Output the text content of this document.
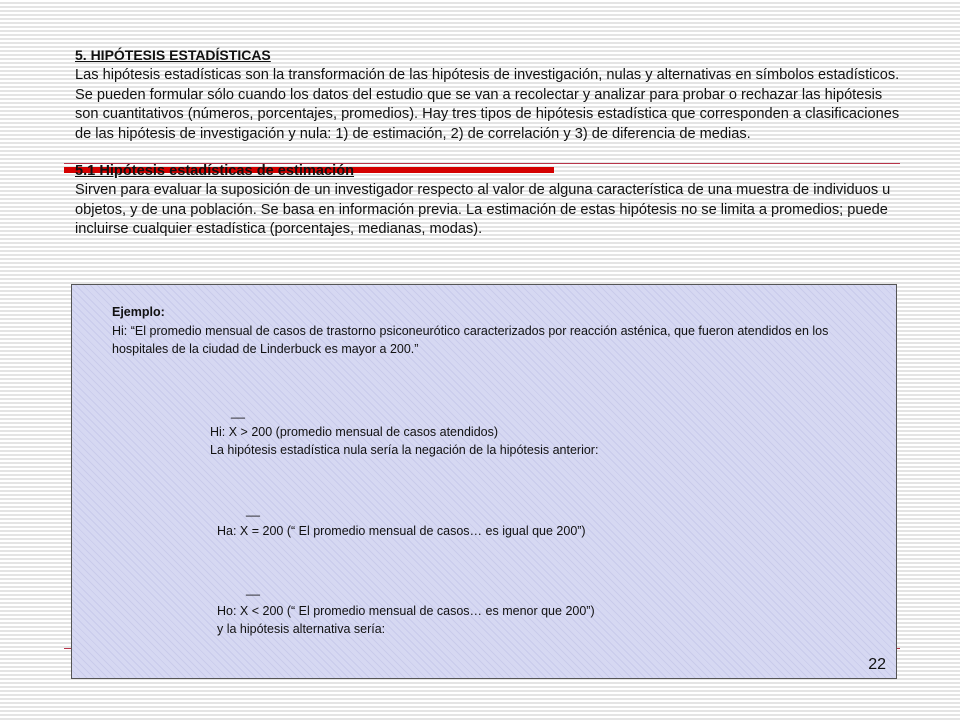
5. HIPÓTESIS ESTADÍSTICAS

Las hipótesis estadísticas son la transformación de las hipótesis de investigación, nulas y alternativas en símbolos estadísticos. Se pueden formular sólo cuando los datos del estudio que se van a recolectar y analizar para probar o rechazar las hipótesis son cuantitativos (números, porcentajes, promedios). Hay tres tipos de hipótesis estadística que corresponden a clasificaciones de las hipótesis de investigación y nula: 1) de estimación, 2) de correlación y 3) de diferencia de medias.

5.1 Hipótesis estadísticas de estimación

Sirven para evaluar la suposición de un investigador respecto al valor de alguna característica de una muestra de individuos u objetos, y de una población. Se basa en información previa. La estimación de estas hipótesis no se limita a promedios; puede incluirse cualquier estadística (porcentajes, medianas, modas).

Ejemplo:

Hi: “El promedio mensual de casos de trastorno psiconeurótico caracterizados por reacción asténica, que fueron atendidos en los hospitales de la ciudad de Linderbuck es mayor a 200.”

__

Hi: X > 200 (promedio mensual de casos atendidos)

La hipótesis estadística nula sería la negación de la hipótesis anterior:

__

Ha: X = 200 (“ El promedio mensual de casos… es igual que 200”)

__

Ho: X < 200 (“ El promedio mensual de casos… es menor que 200”)

y la hipótesis alternativa sería:

22
